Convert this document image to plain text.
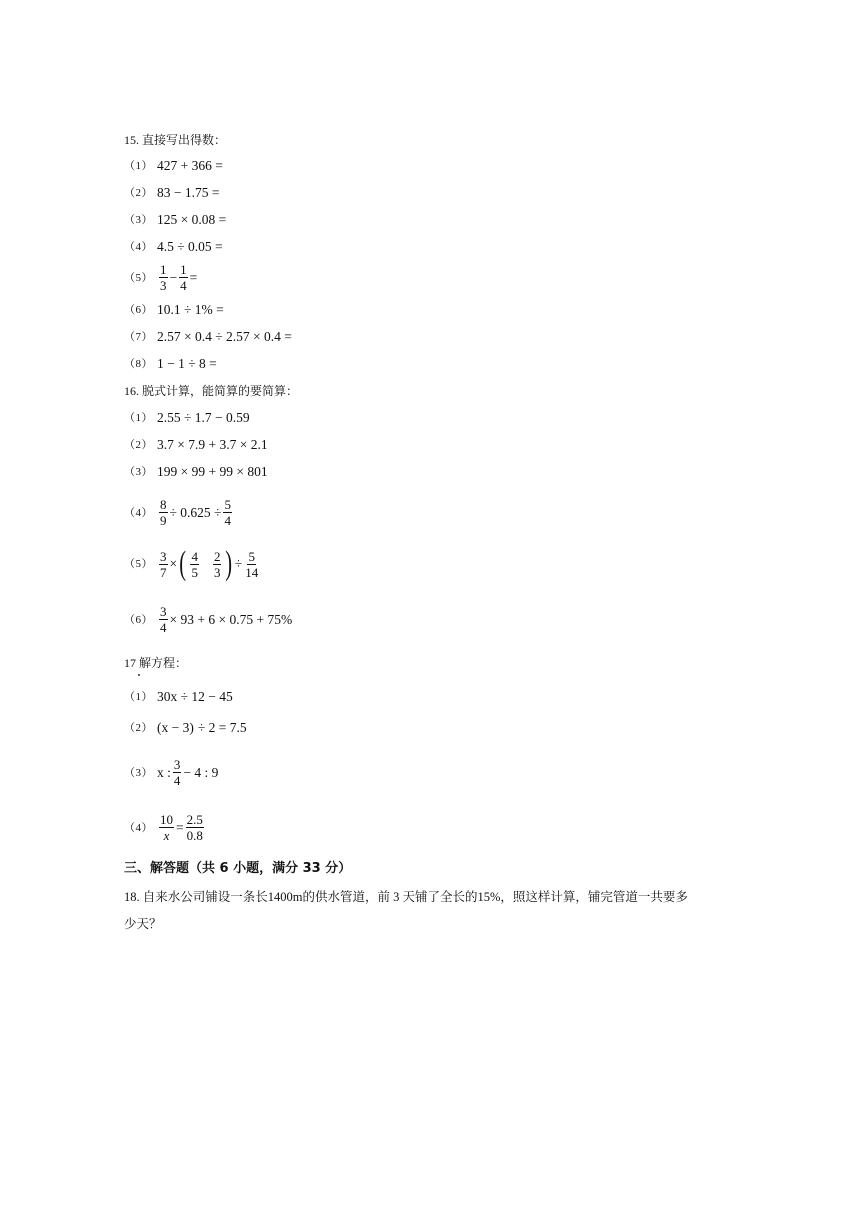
15. 直接写出得数：
（1） 427 + 366 =
（2） 83 − 1.75 =
（3） 125 × 0.08 =
（4） 4.5 ÷ 0.05 =
$(5) \frac{1}{3} - \frac{1}{4}$ =
（6） 10.1 ÷ 1% =
（7） 2.57 × 0.4 ÷ 2.57 × 0.4 =
（8） 1 − 1 ÷ 8 =
16. 脱式计算，能简算的要简算：
（1） 2.55 ÷ 1.7 − 0.59
（2） 3.7 × 7.9 + 3.7 × 2.1
（3） 199 × 99 + 99 × 801
$(4) \frac{8}{9} \div 0.625 \div \frac{5}{4}$
$(5) \frac{3}{7}$ × ( $\frac{4}{5} \frac{2}{3}$ ) ÷ $\frac{5}{14}$
$(6) \frac{3}{4} \times 93 + 6 \times 0.75 + 75\%$
17 解方程：
（1） 30x ÷ 12 − 45
（2） (x − 3) ÷ 2 = 7.5
（3） x : $\frac{3}{4} - 4$ : 9
$(4) \frac{10}{x} = \frac{2.5}{0.8}$
三、解答题（共 6 小题，满分 33 分）
18. 自来水公司铺设一条长1400m的供水管道，前 3 天铺了全长的15%，照这样计算，铺完管道一共要多
少天？
